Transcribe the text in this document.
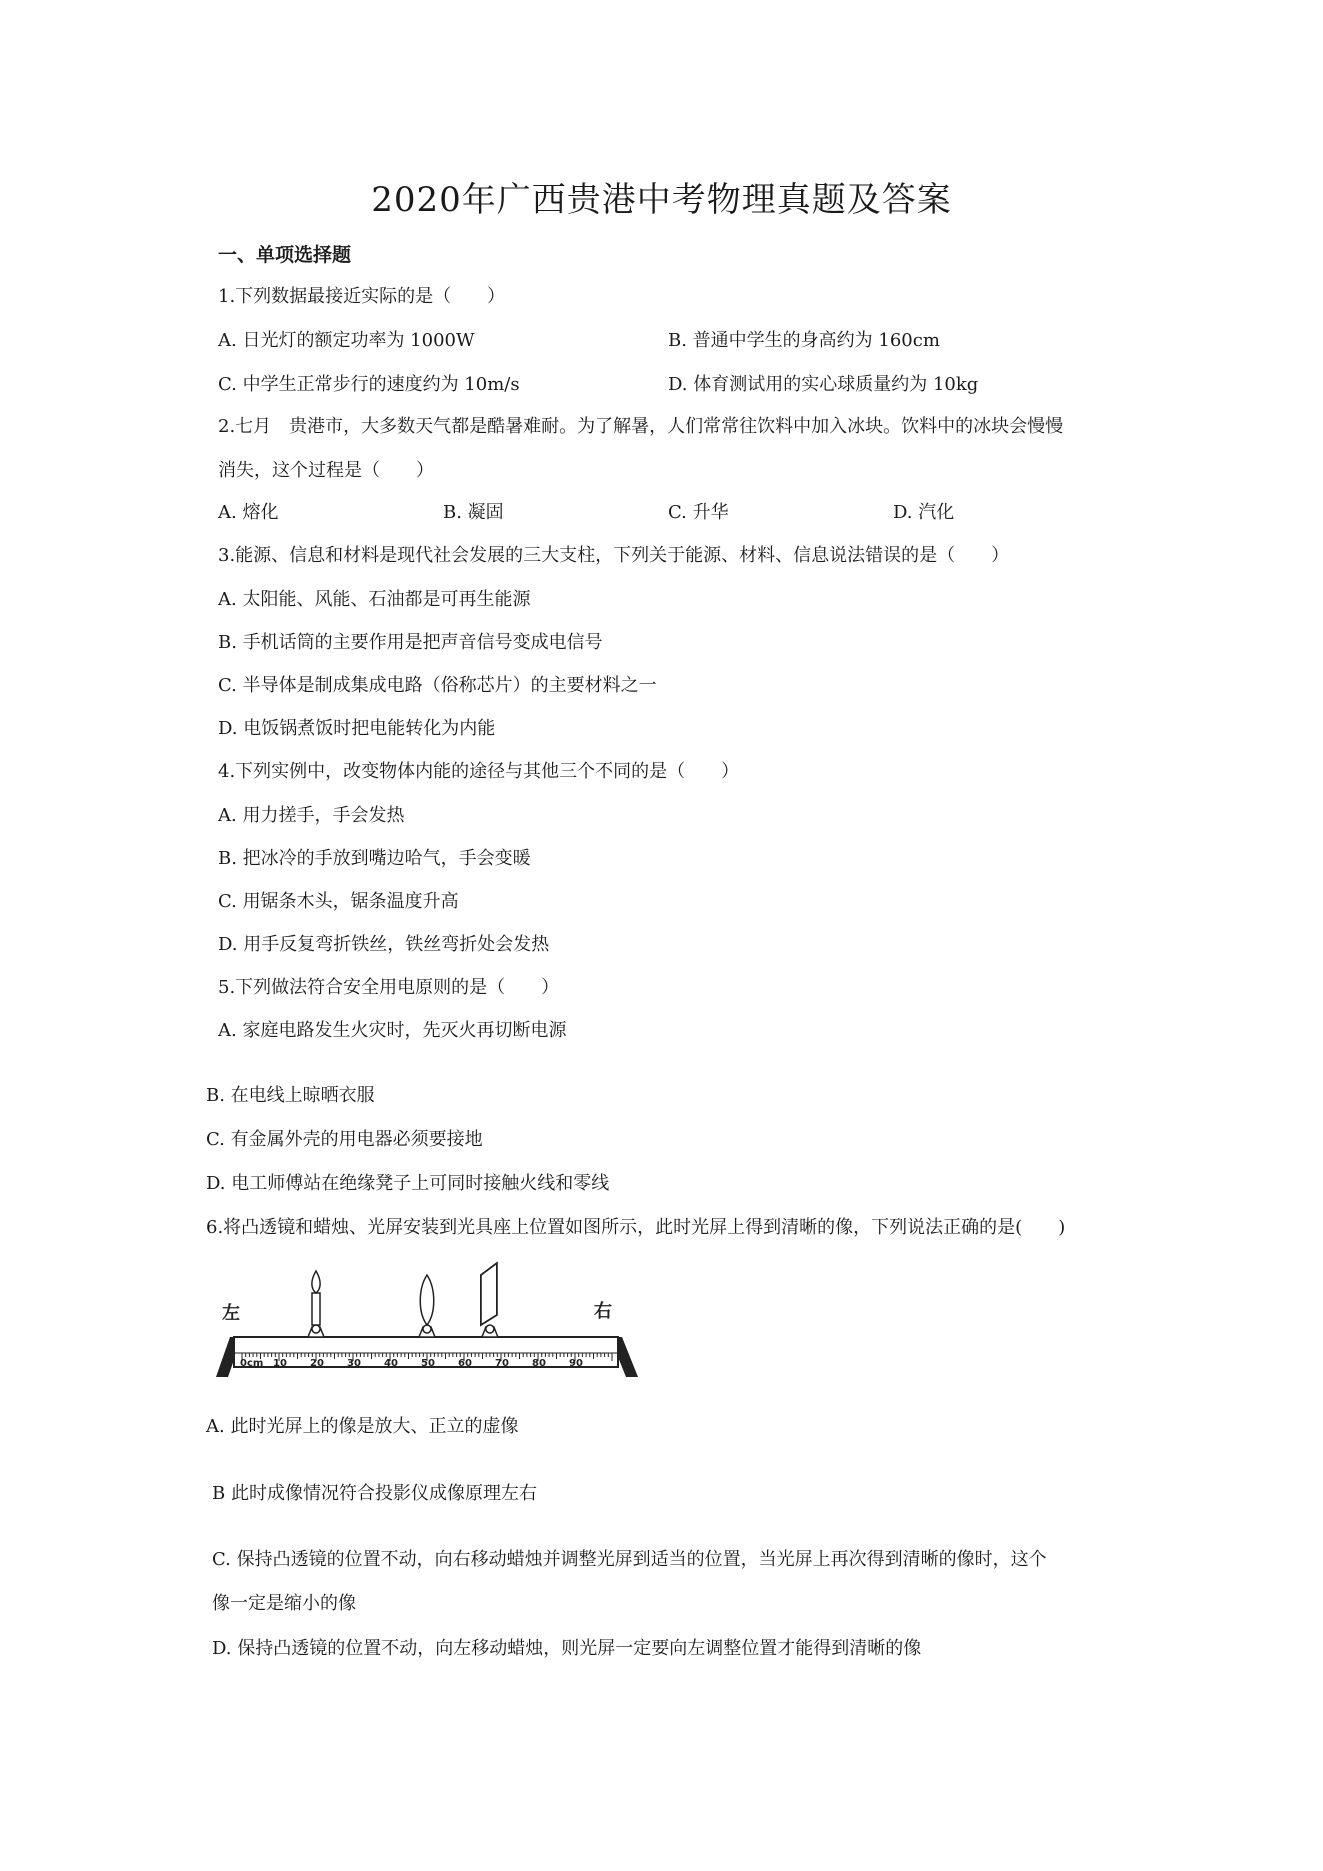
2020年广西贵港中考物理真题及答案
一、单项选择题
1.下列数据最接近实际的是（　　）
A. 日光灯的额定功率为 1000W	B. 普通中学生的身高约为 160cm
C. 中学生正常步行的速度约为 10m/s	D. 体育测试用的实心球质量约为 10kg
2.七月　贵港市，大多数天气都是酷暑难耐。为了解暑，人们常常往饮料中加入冰块。饮料中的冰块会慢慢
消失，这个过程是（　　）
A. 熔化	B. 凝固	C. 升华	D. 汽化
3.能源、信息和材料是现代社会发展的三大支柱，下列关于能源、材料、信息说法错误的是（　　）
A. 太阳能、风能、石油都是可再生能源
B. 手机话筒的主要作用是把声音信号变成电信号
C. 半导体是制成集成电路（俗称芯片）的主要材料之一
D. 电饭锅煮饭时把电能转化为内能
4.下列实例中，改变物体内能的途径与其他三个不同的是（　　）
A. 用力搓手，手会发热
B. 把冰冷的手放到嘴边哈气，手会变暖
C. 用锯条木头，锯条温度升高
D. 用手反复弯折铁丝，铁丝弯折处会发热
5.下列做法符合安全用电原则的是（　　）
A. 家庭电路发生火灾时，先灭火再切断电源
B. 在电线上晾晒衣服
C. 有金属外壳的用电器必须要接地
D. 电工师傅站在绝缘凳子上可同时接触火线和零线
6.将凸透镜和蜡烛、光屏安装到光具座上位置如图所示，此时光屏上得到清晰的像，下列说法正确的是(　　)
左	右
0cm 10 20 30 40 50 60 70 80 90
A. 此时光屏上的像是放大、正立的虚像
B 此时成像情况符合投影仪成像原理左右
C. 保持凸透镜的位置不动，向右移动蜡烛并调整光屏到适当的位置，当光屏上再次得到清晰的像时，这个
像一定是缩小的像
D. 保持凸透镜的位置不动，向左移动蜡烛，则光屏一定要向左调整位置才能得到清晰的像
